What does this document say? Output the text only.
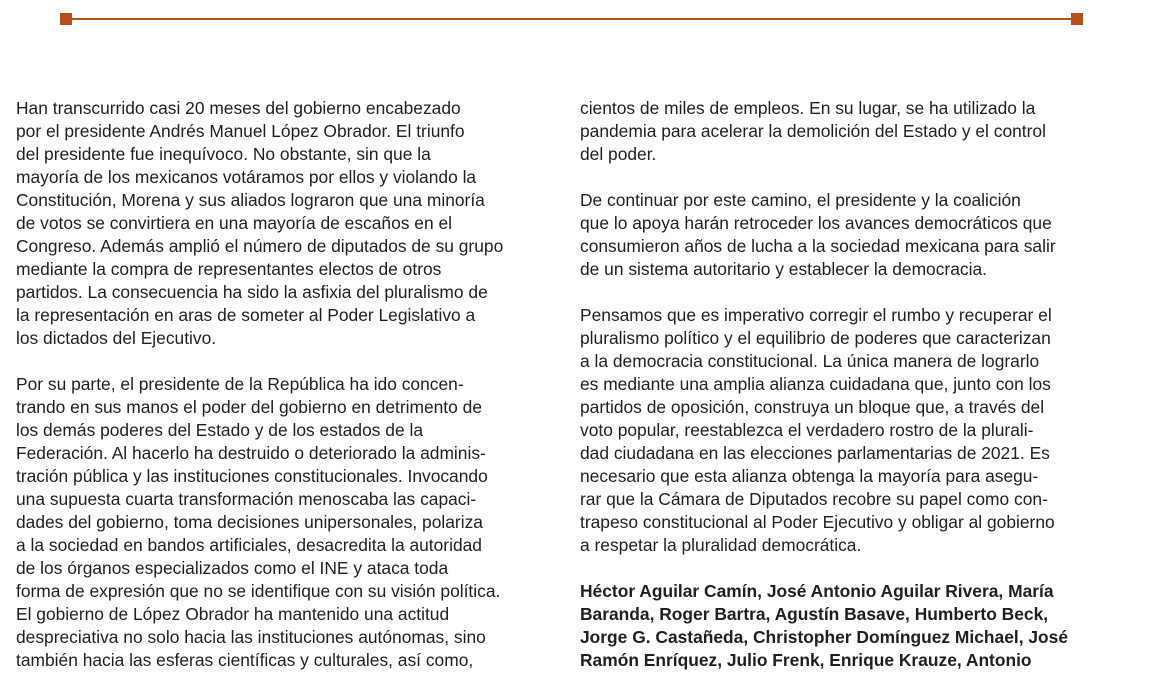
Han transcurrido casi 20 meses del gobierno encabezado
por el presidente Andrés Manuel López Obrador. El triunfo
del presidente fue inequívoco. No obstante, sin que la
mayoría de los mexicanos votáramos por ellos y violando la
Constitución, Morena y sus aliados lograron que una minoría
de votos se convirtiera en una mayoría de escaños en el
Congreso. Además amplió el número de diputados de su grupo
mediante la compra de representantes electos de otros
partidos. La consecuencia ha sido la asfixia del pluralismo de
la representación en aras de someter al Poder Legislativo a
los dictados del Ejecutivo.

Por su parte, el presidente de la República ha ido concen-
trando en sus manos el poder del gobierno en detrimento de
los demás poderes del Estado y de los estados de la
Federación. Al hacerlo ha destruido o deteriorado la adminis-
tración pública y las instituciones constitucionales. Invocando
una supuesta cuarta transformación menoscaba las capaci-
dades del gobierno, toma decisiones unipersonales, polariza
a la sociedad en bandos artificiales, desacredita la autoridad
de los órganos especializados como el INE y ataca toda
forma de expresión que no se identifique con su visión política.
El gobierno de López Obrador ha mantenido una actitud
despreciativa no solo hacia las instituciones autónomas, sino
también hacia las esferas científicas y culturales, así como,

cientos de miles de empleos. En su lugar, se ha utilizado la
pandemia para acelerar la demolición del Estado y el control
del poder.

De continuar por este camino, el presidente y la coalición
que lo apoya harán retroceder los avances democráticos que
consumieron años de lucha a la sociedad mexicana para salir
de un sistema autoritario y establecer la democracia.

Pensamos que es imperativo corregir el rumbo y recuperar el
pluralismo político y el equilibrio de poderes que caracterizan
a la democracia constitucional. La única manera de lograrlo
es mediante una amplia alianza cuidadana que, junto con los
partidos de oposición, construya un bloque que, a través del
voto popular, reestablezca el verdadero rostro de la plurali-
dad ciudadana en las elecciones parlamentarias de 2021. Es
necesario que esta alianza obtenga la mayoría para asegu-
rar que la Cámara de Diputados recobre su papel como con-
trapeso constitucional al Poder Ejecutivo y obligar al gobierno
a respetar la pluralidad democrática.

Héctor Aguilar Camín, José Antonio Aguilar Rivera, María
Baranda, Roger Bartra, Agustín Basave, Humberto Beck,
Jorge G. Castañeda, Christopher Domínguez Michael, José
Ramón Enríquez, Julio Frenk, Enrique Krauze, Antonio
